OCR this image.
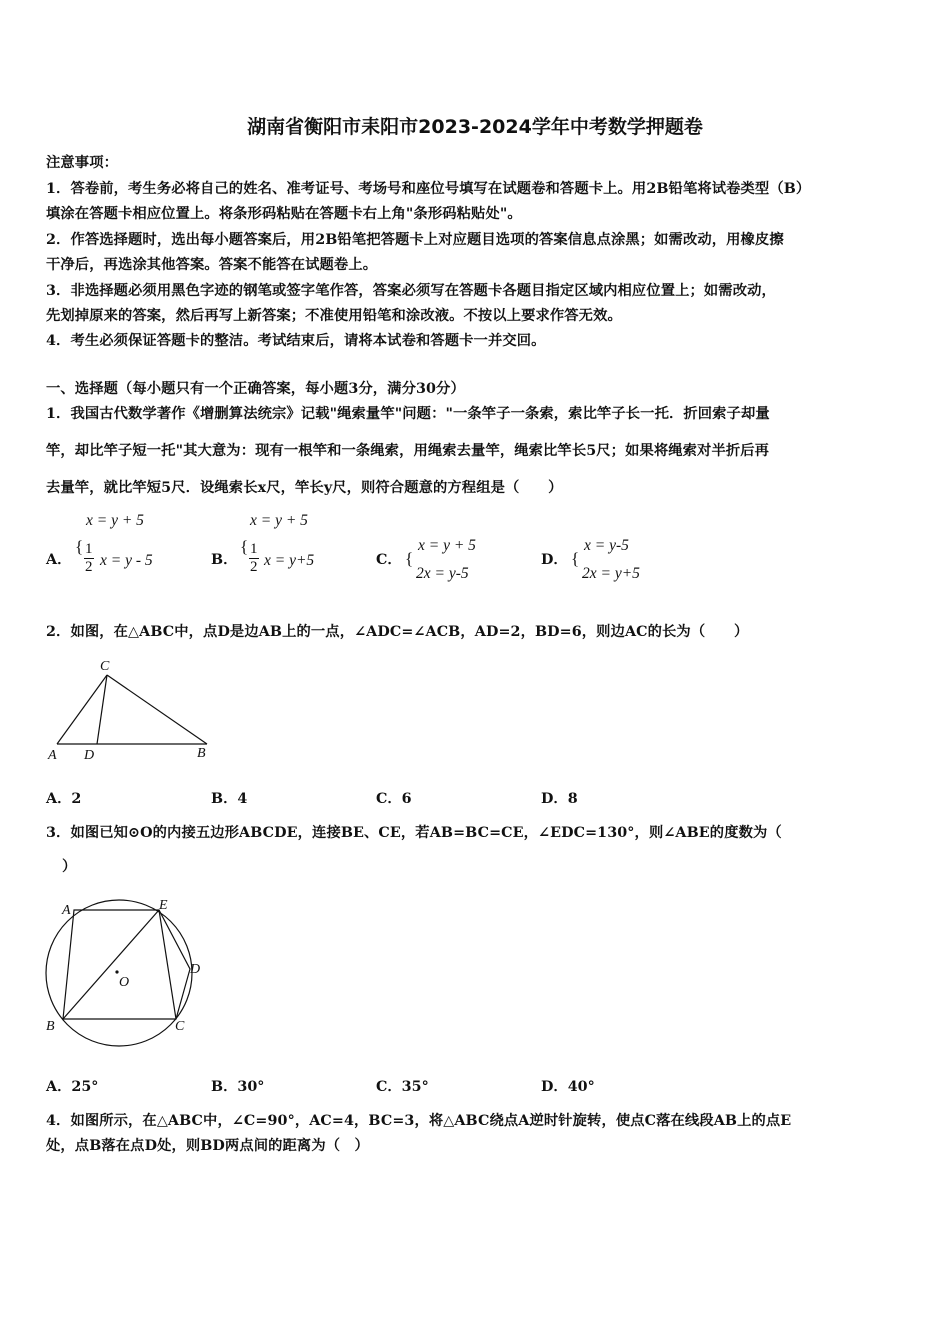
湖南省衡阳市耒阳市2023-2024学年中考数学押题卷
注意事项：
1．答卷前，考生务必将自己的姓名、准考证号、考场号和座位号填写在试题卷和答题卡上。用2B铅笔将试卷类型（B）
填涂在答题卡相应位置上。将条形码粘贴在答题卡右上角"条形码粘贴处"。
2．作答选择题时，选出每小题答案后，用2B铅笔把答题卡上对应题目选项的答案信息点涂黑；如需改动，用橡皮擦
干净后，再选涂其他答案。答案不能答在试题卷上。
3．非选择题必须用黑色字迹的钢笔或签字笔作答，答案必须写在答题卡各题目指定区域内相应位置上；如需改动，
先划掉原来的答案，然后再写上新答案；不准使用铅笔和涂改液。不按以上要求作答无效。
4．考生必须保证答题卡的整洁。考试结束后，请将本试卷和答题卡一并交回。
一、选择题（每小题只有一个正确答案，每小题3分，满分30分）
1．我国古代数学著作《增删算法统宗》记载"绳索量竿"问题："一条竿子一条索，索比竿子长一托．折回索子却量
竿，却比竿子短一托"其大意为：现有一根竿和一条绳索，用绳索去量竿，绳索比竿长5尺；如果将绳索对半折后再
去量竿，就比竿短5尺．设绳索长x尺，竿长y尺，则符合题意的方程组是（　　）
A．
x = y + 5
{ $\frac{1}{2}$ x = y - 5	B．
x = y + 5
{ $\frac{1}{2}$ x = y+5	C． {
x = y + 5
2x = y-5
D． {
x = y-5
2x = y+5
2．如图，在△ABC中，点D是边AB上的一点，∠ADC=∠ACB，AD=2，BD=6，则边AC的长为（　　）
C
A D	B
A．2	B．4	C．6	D．8
3．如图已知⊙O的内接五边形ABCDE，连接BE、CE，若AB=BC=CE，∠EDC=130°，则∠ABE的度数为（
）
A	E
D
O
B	C
A．25°	B．30°	C．35°	D．40°
4．如图所示，在△ABC中，∠C=90°，AC=4，BC=3，将△ABC绕点A逆时针旋转，使点C落在线段AB上的点E
处，点B落在点D处，则BD两点间的距离为（　）
